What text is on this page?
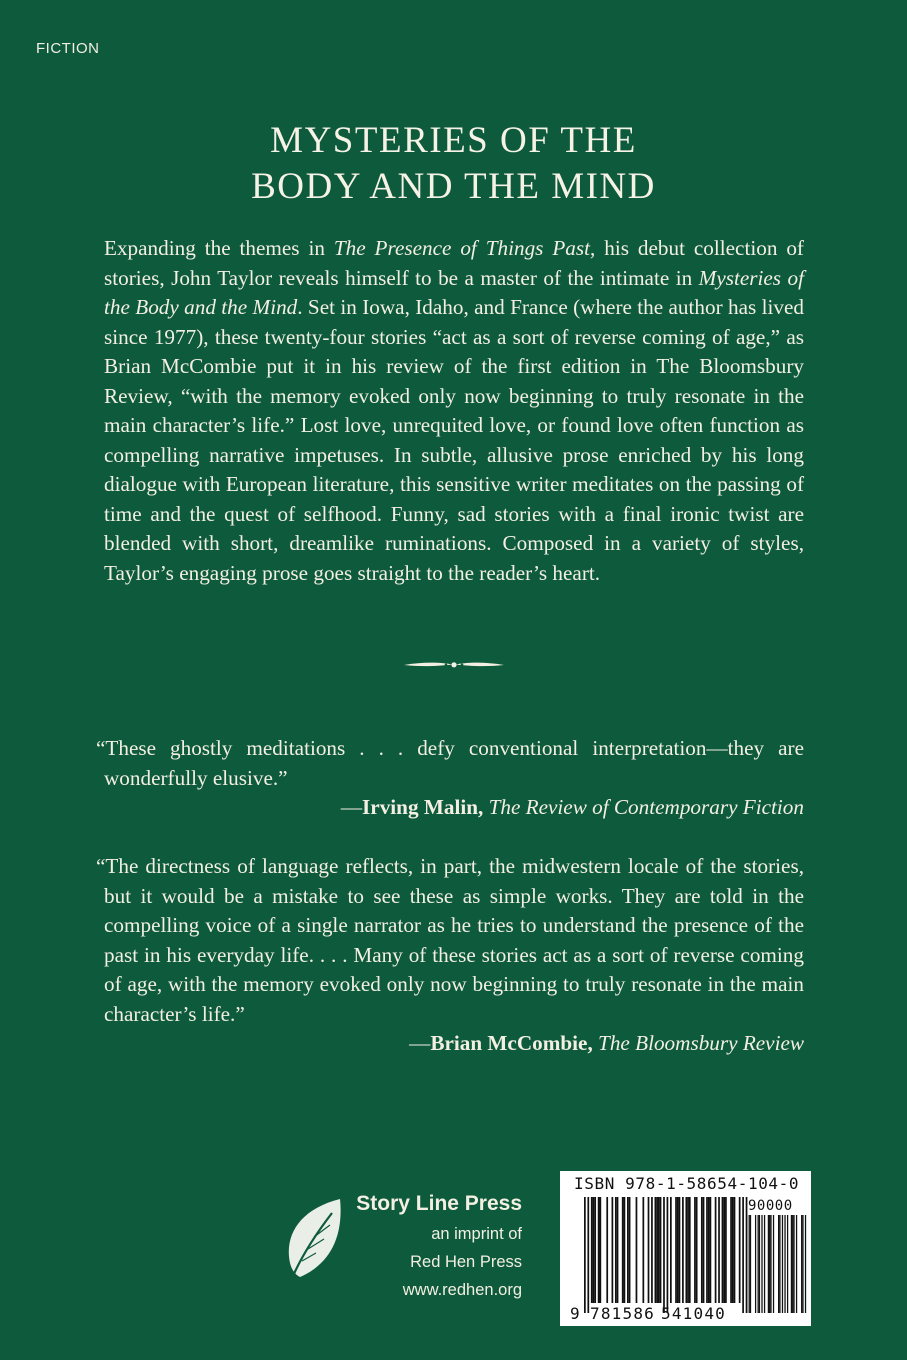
FICTION
MYSTERIES OF THE
BODY AND THE MIND
Expanding the themes in The Presence of Things Past, his debut collection of stories, John Taylor reveals himself to be a master of the intimate in Mysteries of the Body and the Mind. Set in Iowa, Idaho, and France (where the author has lived since 1977), these twenty-four stories “act as a sort of reverse coming of age,” as Brian McCombie put it in his review of the first edition in The Bloomsbury Review, “with the memory evoked only now beginning to truly resonate in the main character’s life.” Lost love, unrequited love, or found love often function as compelling narrative impetuses. In subtle, allusive prose enriched by his long dialogue with European literature, this sensitive writer meditates on the passing of time and the quest of selfhood. Funny, sad stories with a final ironic twist are blended with short, dreamlike ruminations. Composed in a variety of styles, Taylor’s engaging prose goes straight to the reader’s heart.
“These ghostly meditations . . . defy conventional interpretation—they are wonderfully elusive.”
—Irving Malin, The Review of Contemporary Fiction
“The directness of language reflects, in part, the midwestern locale of the stories, but it would be a mistake to see these as simple works. They are told in the compelling voice of a single narrator as he tries to understand the presence of the past in his everyday life. . . . Many of these stories act as a sort of reverse coming of age, with the memory evoked only now beginning to truly resonate in the main character’s life.”
—Brian McCombie, The Bloomsbury Review
Story Line Press
an imprint of
Red Hen Press
www.redhen.org
ISBN 978-1-58654-104-0
90000
9 781586 541040
